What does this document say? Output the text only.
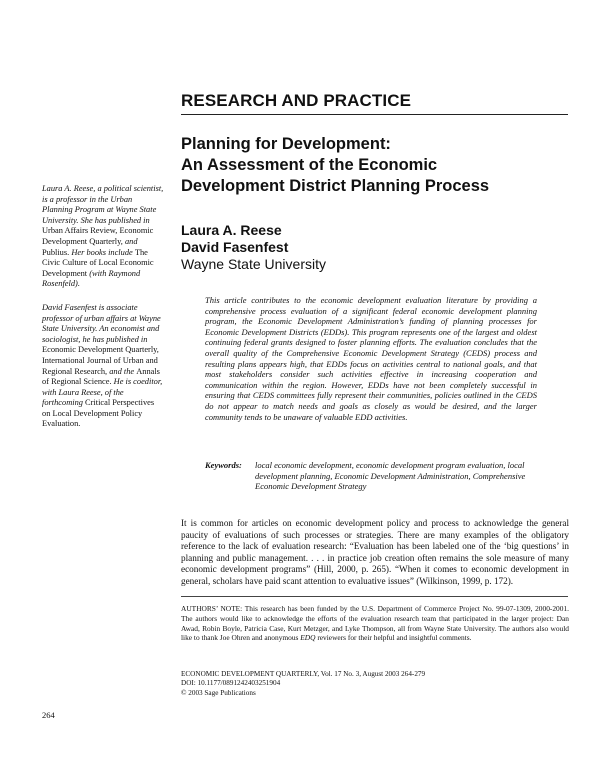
RESEARCH AND PRACTICE
Planning for Development:
An Assessment of the Economic
Development District Planning Process
Laura A. Reese
David Fasenfest
Wayne State University

Laura A. Reese, a political scientist, is a professor in the Urban Planning Program at Wayne State University. She has published in Urban Affairs Review, Economic Development Quarterly, and Publius. Her books include The Civic Culture of Local Economic Development (with Raymond Rosenfeld).

David Fasenfest is associate professor of urban affairs at Wayne State University. An economist and sociologist, he has published in Economic Development Quarterly, International Journal of Urban and Regional Research, and the Annals of Regional Science. He is coeditor, with Laura Reese, of the forthcoming Critical Perspectives on Local Development Policy Evaluation.

This article contributes to the economic development evaluation literature by providing a comprehensive process evaluation of a significant federal economic development planning program, the Economic Development Administration’s funding of planning processes for Economic Development Districts (EDDs). This program represents one of the largest and oldest continuing federal grants designed to foster planning efforts. The evaluation concludes that the overall quality of the Comprehensive Economic Development Strategy (CEDS) process and resulting plans appears high, that EDDs focus on activities central to national goals, and that most stakeholders consider such activities effective in increasing cooperation and communication within the region. However, EDDs have not been completely successful in ensuring that CEDS committees fully represent their communities, policies outlined in the CEDS do not appear to match needs and goals as closely as would be desired, and the larger community tends to be unaware of valuable EDD activities.
Keywords: local economic development, economic development program evaluation, local development planning, Economic Development Administration, Comprehensive Economic Development Strategy
It is common for articles on economic development policy and process to acknowledge the general paucity of evaluations of such processes or strategies. There are many examples of the obligatory reference to the lack of evaluation research: “Evaluation has been labeled one of the ‘big questions’ in planning and public management. . . . in practice job creation often remains the sole measure of many economic development programs” (Hill, 2000, p. 265). “When it comes to economic development in general, scholars have paid scant attention to evaluative issues” (Wilkinson, 1999, p. 172).
AUTHORS’ NOTE: This research has been funded by the U.S. Department of Commerce Project No. 99-07-1309, 2000-2001. The authors would like to acknowledge the efforts of the evaluation research team that participated in the larger project: Dan Awad, Robin Boyle, Patricia Case, Kurt Metzger, and Lyke Thompson, all from Wayne State University. The authors also would like to thank Joe Ohren and anonymous EDQ reviewers for their helpful and insightful comments.
ECONOMIC DEVELOPMENT QUARTERLY, Vol. 17 No. 3, August 2003 264-279
DOI: 10.1177/0891242403251904
© 2003 Sage Publications
264
